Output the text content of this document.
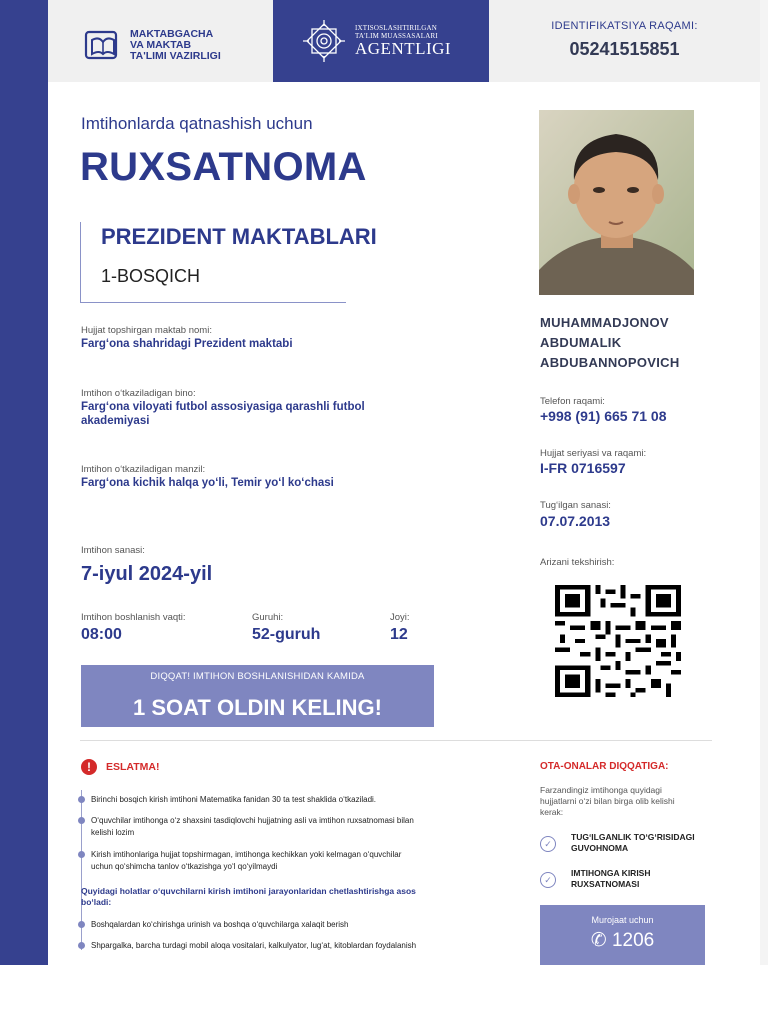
MAKTABGACHA
VA MAKTAB
TA'LIMI VAZIRLIGI
IXTISOSLASHTIRILGAN
TA'LIM MUASSASALARI
AGENTLIGI
IDENTIFIKATSIYA RAQAMI:
05241515851
Imtihonlarda qatnashish uchun
RUXSATNOMA
PREZIDENT MAKTABLARI
1-BOSQICH
Hujjat topshirgan maktab nomi:
Farg‘ona shahridagi Prezident maktabi
Imtihon o‘tkaziladigan bino:
Farg‘ona viloyati futbol assosiyasiga qarashli futbol
akademiyasi
Imtihon o‘tkaziladigan manzil:
Farg‘ona kichik halqa yo‘li, Temir yo‘l ko‘chasi
Imtihon sanasi:
7-iyul 2024-yil
Imtihon boshlanish vaqti:
08:00
Guruhi:
52-guruh
Joyi:
12
DIQQAT! IMTIHON BOSHLANISHIDAN KAMIDA
1 SOAT OLDIN KELING!
MUHAMMADJONOV
ABDUMALIK
ABDUBANNOPOVICH
Telefon raqami:
+998 (91) 665 71 08
Hujjat seriyasi va raqami:
I-FR 0716597
Tug‘ilgan sanasi:
07.07.2013
Arizani tekshirish:
!	ESLATMA!
Birinchi bosqich kirish imtihoni Matematika fanidan 30 ta test shaklida o‘tkaziladi.
O‘quvchilar imtihonga o‘z shaxsini tasdiqlovchi hujjatning asli va imtihon ruxsatnomasi bilan
kelishi lozim
Kirish imtihonlariga hujjat topshirmagan, imtihonga kechikkan yoki kelmagan o‘quvchilar
uchun qo‘shimcha tanlov o‘tkazishga yo‘l qo‘yilmaydi
Quyidagi holatlar o‘quvchilarni kirish imtihoni jarayonlaridan chetlashtirishga asos
bo‘ladi:
Boshqalardan ko‘chirishga urinish va boshqa o‘quvchilarga xalaqit berish
Shpargalka, barcha turdagi mobil aloqa vositalari, kalkulyator, lug‘at, kitoblardan foydalanish
OTA-ONALAR DIQQATIGA:
Farzandingiz imtihonga quyidagi
hujjatlarni o‘zi bilan birga olib kelishi
kerak:
✓
TUG‘ILGANLIK TO‘G‘RISIDAGI
GUVOHNOMA
✓
IMTIHONGA KIRISH
RUXSATNOMASI
Murojaat uchun
✆ 1206
